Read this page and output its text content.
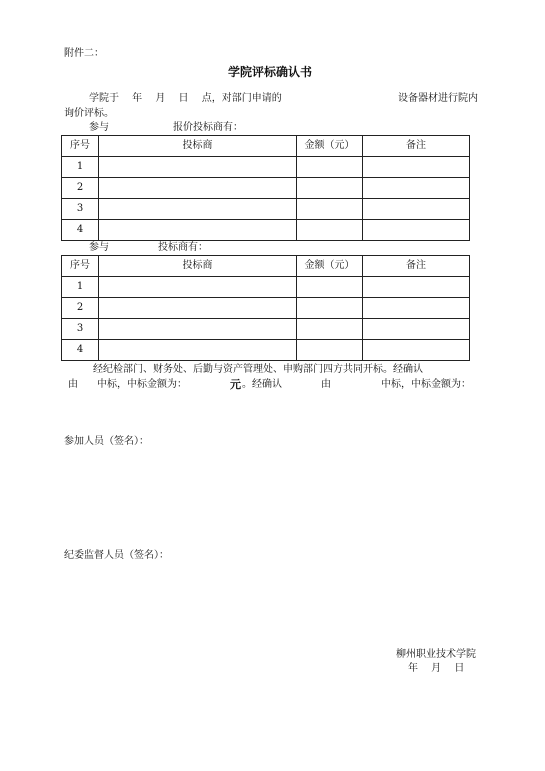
附件二：
学院评标确认书
学院于　 年　 月　 日　 点，对部门申请的	设备器材进行院内
询价评标。
参与	报价投标商有：
序号	投标商	金额（元）	备注
1			
2			
3			
4			
参与	投标商有：
序号	投标商	金额（元）	备注
1			
2			
3			
4			
经纪检部门、财务处、后勤与资产管理处、申购部门四方共同开标。经确认
由 中标，中标金额为：	元 。经确认	由	中标，中标金额为：
参加人员（签名）：
纪委监督人员（签名）：
柳州职业技术学院
年　 月　 日
